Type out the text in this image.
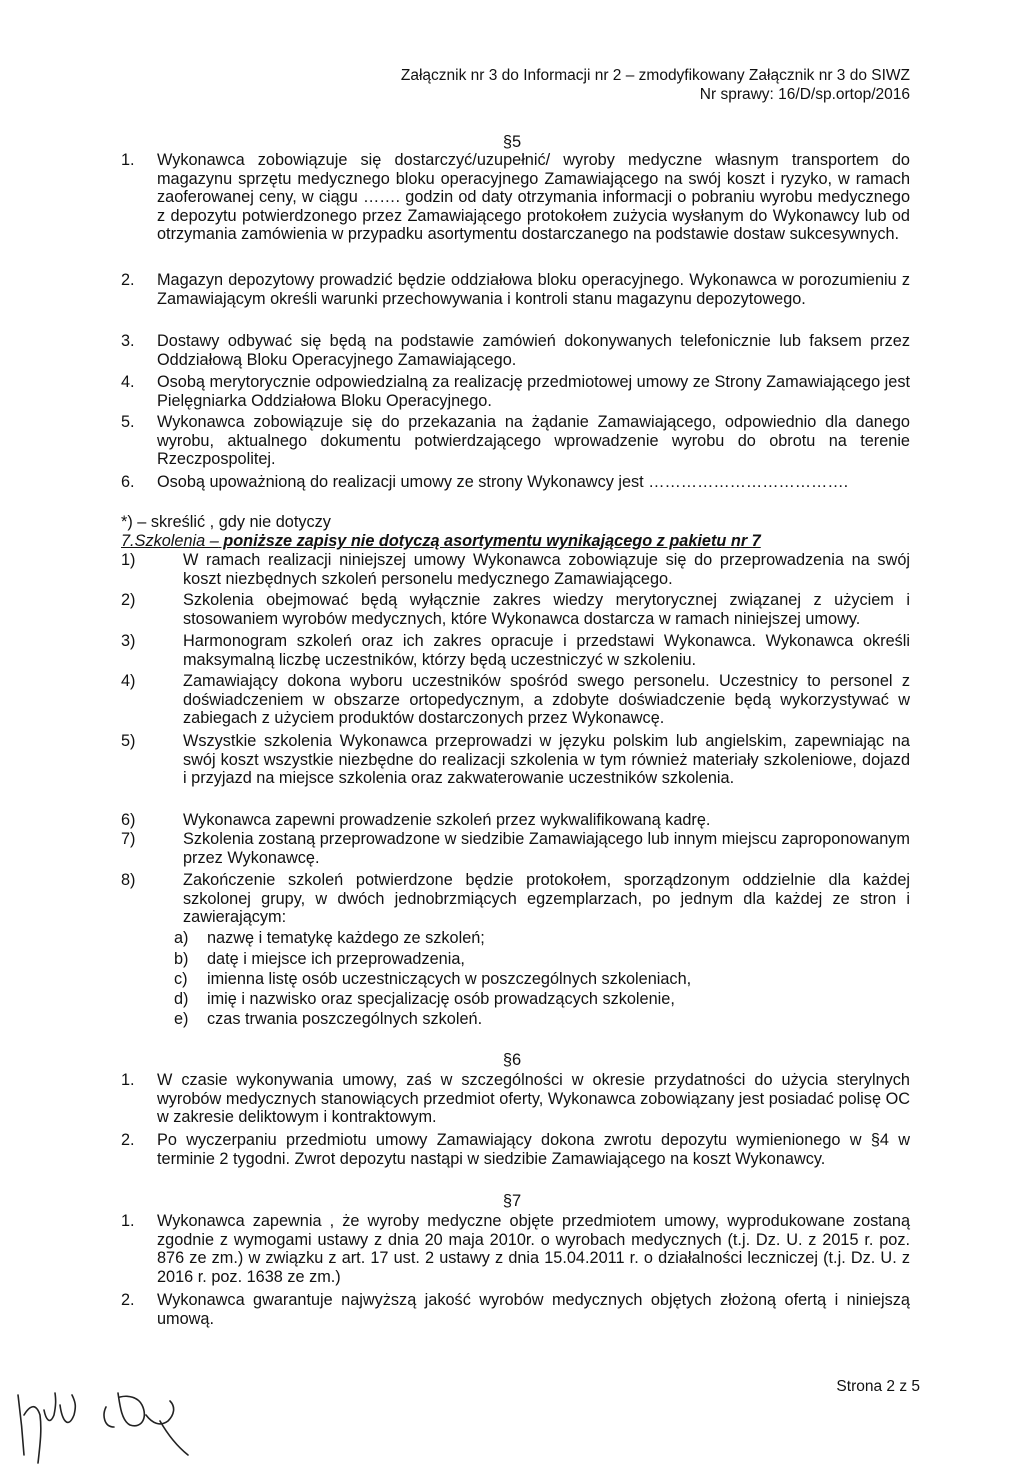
Załącznik nr 3 do Informacji nr 2 – zmodyfikowany Załącznik nr 3 do SIWZ
Nr sprawy: 16/D/sp.ortop/2016
§5
1. Wykonawca zobowiązuje się dostarczyć/uzupełnić/ wyroby medyczne własnym transportem do magazynu sprzętu medycznego bloku operacyjnego Zamawiającego na swój koszt i ryzyko, w ramach zaoferowanej ceny, w ciągu ……. godzin od daty otrzymania informacji o pobraniu wyrobu medycznego z depozytu potwierdzonego przez Zamawiającego protokołem zużycia wysłanym do Wykonawcy lub od otrzymania zamówienia w przypadku asortymentu dostarczanego na podstawie dostaw sukcesywnych.
2. Magazyn depozytowy prowadzić będzie oddziałowa bloku operacyjnego. Wykonawca w porozumieniu z Zamawiającym określi warunki przechowywania i kontroli stanu magazynu depozytowego.
3. Dostawy odbywać się będą na podstawie zamówień dokonywanych telefonicznie lub faksem przez Oddziałową Bloku Operacyjnego Zamawiającego.
4. Osobą merytorycznie odpowiedzialną za realizację przedmiotowej umowy ze Strony Zamawiającego jest Pielęgniarka Oddziałowa Bloku Operacyjnego.
5. Wykonawca zobowiązuje się do przekazania na żądanie Zamawiającego, odpowiednio dla danego wyrobu, aktualnego dokumentu potwierdzającego wprowadzenie wyrobu do obrotu na terenie Rzeczpospolitej.
6. Osobą upoważnioną do realizacji umowy ze strony Wykonawcy jest ……………………………….
*) – skreślić , gdy nie dotyczy
7.Szkolenia – poniższe zapisy nie dotyczą asortymentu wynikającego z pakietu nr 7
1)	W ramach realizacji niniejszej umowy Wykonawca zobowiązuje się do przeprowadzenia na swój koszt niezbędnych szkoleń personelu medycznego Zamawiającego.
2)	Szkolenia obejmować będą wyłącznie zakres wiedzy merytorycznej związanej z użyciem i stosowaniem wyrobów medycznych, które Wykonawca dostarcza w ramach niniejszej umowy.
3)	Harmonogram szkoleń oraz ich zakres opracuje i przedstawi Wykonawca. Wykonawca określi maksymalną liczbę uczestników, którzy będą uczestniczyć w szkoleniu.
4)	Zamawiający dokona wyboru uczestników spośród swego personelu. Uczestnicy to personel z doświadczeniem w obszarze ortopedycznym, a zdobyte doświadczenie będą wykorzystywać w zabiegach z użyciem produktów dostarczonych przez Wykonawcę.
5)	Wszystkie szkolenia Wykonawca przeprowadzi w języku polskim lub angielskim, zapewniając na swój koszt wszystkie niezbędne do realizacji szkolenia w tym również materiały szkoleniowe, dojazd i przyjazd na miejsce szkolenia oraz zakwaterowanie uczestników szkolenia.
6)	Wykonawca zapewni prowadzenie szkoleń przez wykwalifikowaną kadrę.
7)	Szkolenia zostaną przeprowadzone w siedzibie Zamawiającego lub innym miejscu zaproponowanym przez Wykonawcę.
8)	Zakończenie szkoleń potwierdzone będzie protokołem, sporządzonym oddzielnie dla każdej szkolonej grupy, w dwóch jednobrzmiących egzemplarzach, po jednym dla każdej ze stron i zawierającym:
a) nazwę i tematykę każdego ze szkoleń;
b) datę i miejsce ich przeprowadzenia,
c) imienna listę osób uczestniczących w poszczególnych szkoleniach,
d) imię i nazwisko oraz specjalizację osób prowadzących szkolenie,
e) czas trwania poszczególnych szkoleń.
§6
1. W czasie wykonywania umowy, zaś w szczególności w okresie przydatności do użycia sterylnych wyrobów medycznych stanowiących przedmiot oferty, Wykonawca zobowiązany jest posiadać polisę OC w zakresie deliktowym i kontraktowym.
2. Po wyczerpaniu przedmiotu umowy Zamawiający dokona zwrotu depozytu wymienionego w §4 w terminie 2 tygodni. Zwrot depozytu nastąpi w siedzibie Zamawiającego na koszt Wykonawcy.
§7
1. Wykonawca zapewnia , że wyroby medyczne objęte przedmiotem umowy, wyprodukowane zostaną zgodnie z wymogami ustawy z dnia 20 maja 2010r. o wyrobach medycznych (t.j. Dz. U. z 2015 r. poz. 876 ze zm.) w związku z art. 17 ust. 2 ustawy z dnia 15.04.2011 r. o działalności leczniczej (t.j. Dz. U. z 2016 r. poz. 1638 ze zm.)
2. Wykonawca gwarantuje najwyższą jakość wyrobów medycznych objętych złożoną ofertą i niniejszą umową.
Strona 2 z 5
